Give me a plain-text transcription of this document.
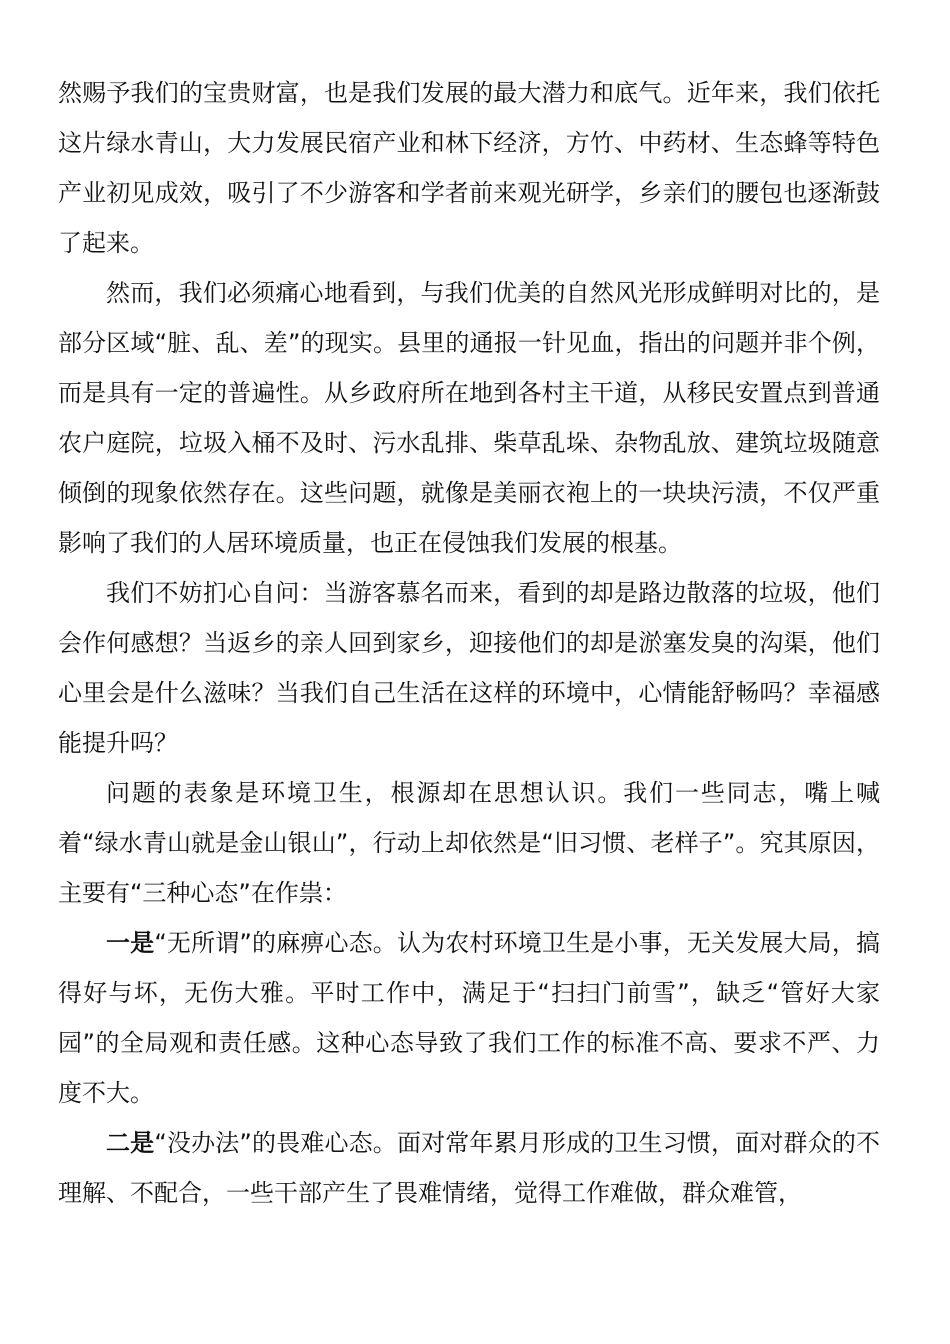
然赐予我们的宝贵财富，也是我们发展的最大潜力和底气。近年来，我们依托这片绿水青山，大力发展民宿产业和林下经济，方竹、中药材、生态蜂等特色产业初见成效，吸引了不少游客和学者前来观光研学，乡亲们的腰包也逐渐鼓了起来。

然而，我们必须痛心地看到，与我们优美的自然风光形成鲜明对比的，是部分区域“脏、乱、差”的现实。县里的通报一针见血，指出的问题并非个例，而是具有一定的普遍性。从乡政府所在地到各村主干道，从移民安置点到普通农户庭院，垃圾入桶不及时、污水乱排、柴草乱垛、杂物乱放、建筑垃圾随意倾倒的现象依然存在。这些问题，就像是美丽衣袍上的一块块污渍，不仅严重影响了我们的人居环境质量，也正在侵蚀我们发展的根基。

我们不妨扪心自问：当游客慕名而来，看到的却是路边散落的垃圾，他们会作何感想？当返乡的亲人回到家乡，迎接他们的却是淤塞发臭的沟渠，他们心里会是什么滋味？当我们自己生活在这样的环境中，心情能舒畅吗？幸福感能提升吗？

问题的表象是环境卫生，根源却在思想认识。我们一些同志，嘴上喊着“绿水青山就是金山银山”，行动上却依然是“旧习惯、老样子”。究其原因，主要有“三种心态”在作祟：

一是“无所谓”的麻痹心态。认为农村环境卫生是小事，无关发展大局，搞得好与坏，无伤大雅。平时工作中，满足于“扫扫门前雪”，缺乏“管好大家园”的全局观和责任感。这种心态导致了我们工作的标准不高、要求不严、力度不大。

二是“没办法”的畏难心态。面对常年累月形成的卫生习惯，面对群众的不理解、不配合，一些干部产生了畏难情绪，觉得工作难做，群众难管，
